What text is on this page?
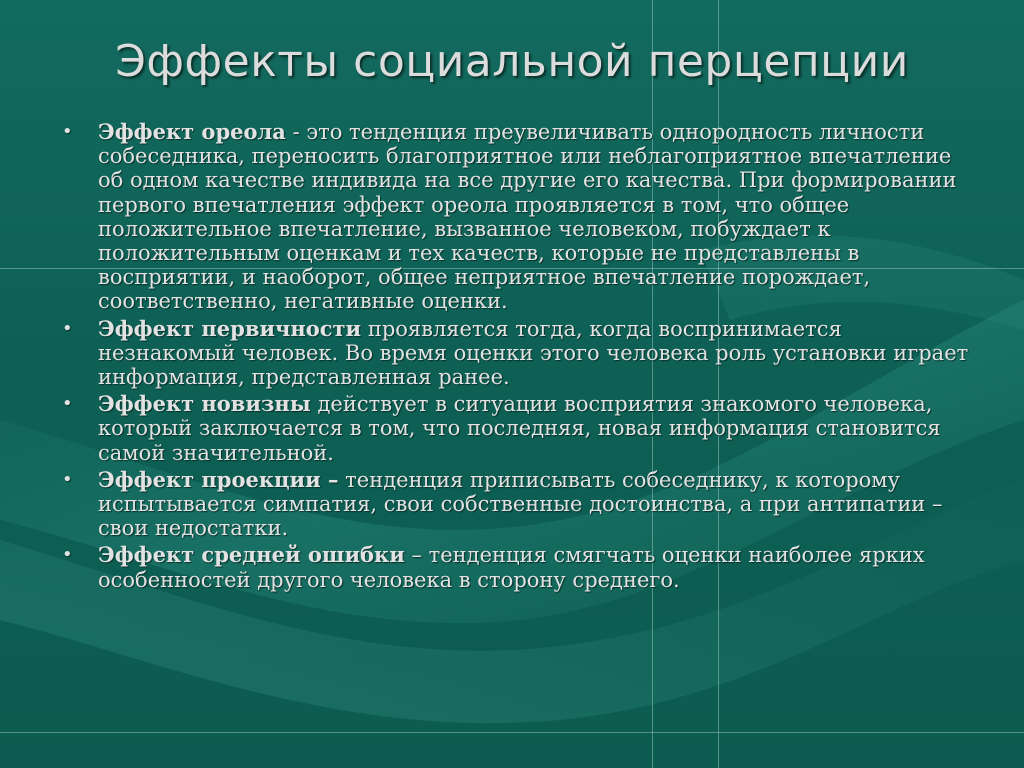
Эффекты социальной перцепции
• Эффект ореола - это тенденция преувеличивать однородность личности собеседника, переносить благоприятное или неблагоприятное впечатление об одном качестве индивида на все другие его качества. При формировании первого впечатления эффект ореола проявляется в том, что общее положительное впечатление, вызванное человеком, побуждает к положительным оценкам и тех качеств, которые не представлены в восприятии, и наоборот, общее неприятное впечатление порождает, соответственно, негативные оценки.
• Эффект первичности проявляется тогда, когда воспринимается незнакомый человек. Во время оценки этого человека роль установки играет информация, представленная ранее.
• Эффект новизны действует в ситуации восприятия знакомого человека, который заключается в том, что последняя, новая информация становится самой значительной.
• Эффект проекции – тенденция приписывать собеседнику, к которому испытывается симпатия, свои собственные достоинства, а при антипатии – свои недостатки.
• Эффект средней ошибки – тенденция смягчать оценки наиболее ярких особенностей другого человека в сторону среднего.
